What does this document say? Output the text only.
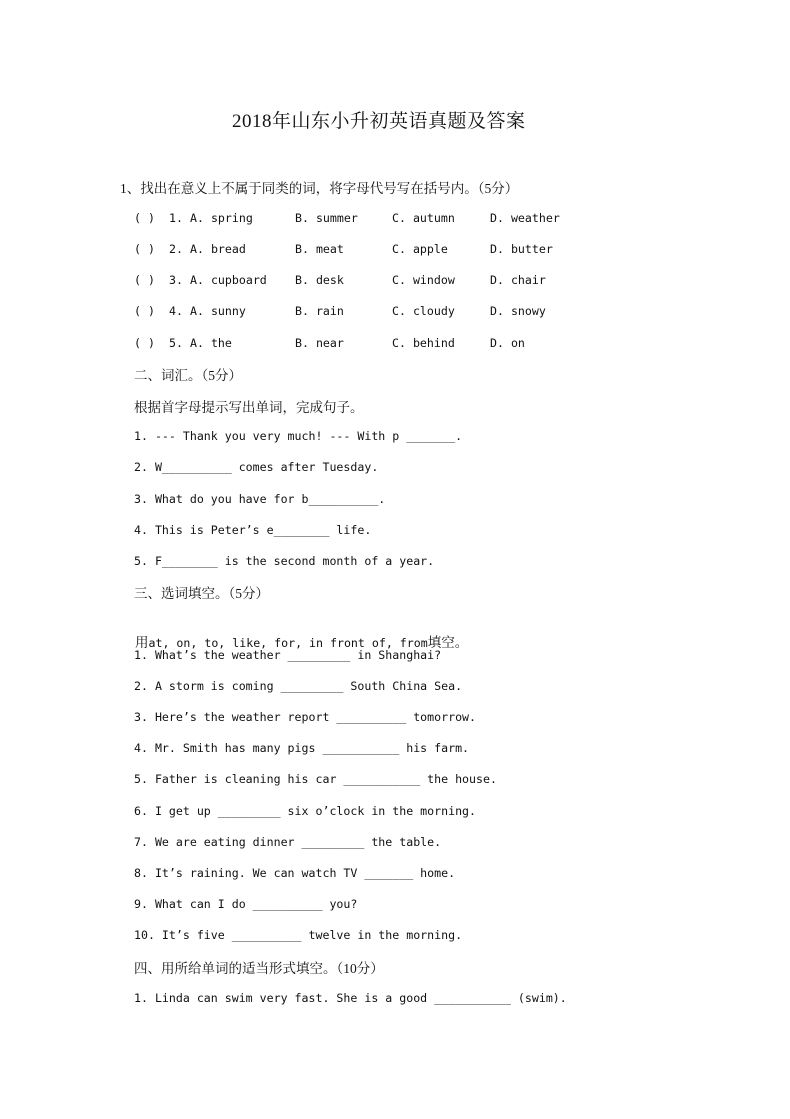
2018年山东小升初英语真题及答案
1、找出在意义上不属于同类的词，将字母代号写在括号内。（5分）
( ) 1. A. spring	B. summer	C. autumn	D. weather
( ) 2. A. bread	B. meat	C. apple	D. butter
( ) 3. A. cupboard B. desk	C. window	D. chair
( ) 4. A. sunny	B. rain	C. cloudy	D. snowy
( ) 5. A. the	B. near	C. behind	D. on
二、词汇。（5分）
根据首字母提示写出单词，完成句子。
1. --- Thank you very much! --- With p _______.
2. W__________ comes after Tuesday.
3. What do you have for b__________.
4. This is Peter’s e________ life.
5. F________ is the second month of a year.
三、选词填空。（5分）

用at, on, to, like, for, in front of, from填空。

1. What’s the weather _________ in Shanghai?
2. A storm is coming _________ South China Sea.
3. Here’s the weather report __________ tomorrow.
4. Mr. Smith has many pigs ___________ his farm.
5. Father is cleaning his car ___________ the house.
6. I get up _________ six o’clock in the morning.
7. We are eating dinner _________ the table.
8. It’s raining. We can watch TV _______ home.
9. What can I do __________ you?
10. It’s five __________ twelve in the morning.
四、用所给单词的适当形式填空。（10分）
1. Linda can swim very fast. She is a good ___________ (swim).
